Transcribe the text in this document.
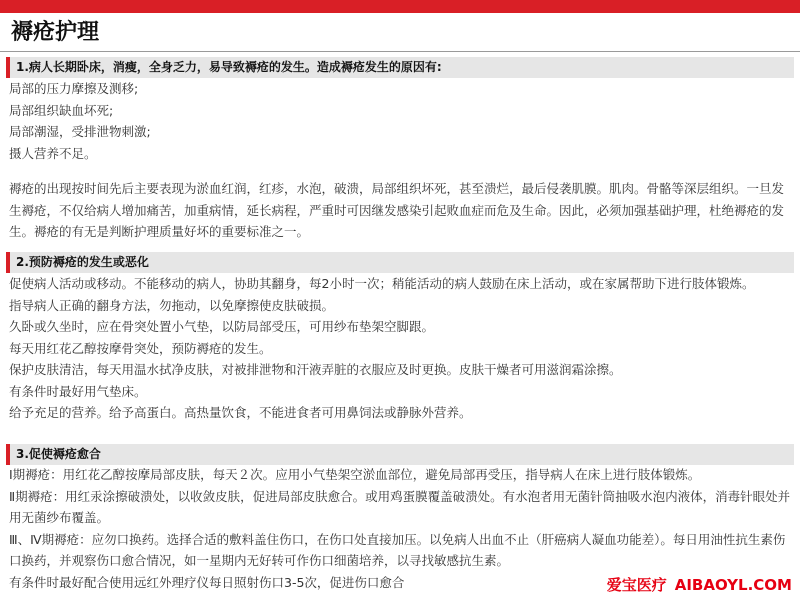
褥疮护理
1.病人长期卧床，消瘦，全身乏力，易导致褥疮的发生。造成褥疮发生的原因有:

局部的压力摩擦及测移;

局部组织缺血坏死;

局部潮湿，受排泄物刺激;

摄人营养不足。

褥疮的出现按时间先后主要表现为淤血红润，红疹，水泡，破溃，局部组织坏死，甚至溃烂，最后侵袭肌膜。肌肉。骨骼等深层组织。一旦发生褥疮，不仅给病人增加痛苦，加重病情，延长病程，严重时可因继发感染引起败血症而危及生命。因此，必须加强基础护理，杜绝褥疮的发生。褥疮的有无是判断护理质量好坏的重要标准之一。

2.预防褥疮的发生或恶化

促使病人活动或移动。不能移动的病人，协助其翻身，每2小时一次；稍能活动的病人鼓励在床上活动，或在家属帮助下进行肢体锻炼。

指导病人正确的翻身方法，勿拖动，以免摩擦使皮肤破损。

久卧或久坐时，应在骨突处置小气垫，以防局部受压，可用纱布垫架空脚跟。

每天用红花乙醇按摩骨突处，预防褥疮的发生。

保护皮肤清洁，每天用温水拭净皮肤，对被排泄物和汗液弄脏的衣服应及时更换。皮肤干燥者可用滋润霜涂擦。

有条件时最好用气垫床。

给予充足的营养。给予高蛋白。高热量饮食，不能进食者可用鼻饲法或静脉外营养。

3.促使褥疮愈合

Ⅰ期褥疮：用红花乙醇按摩局部皮肤，每天２次。应用小气垫架空淤血部位，避免局部再受压，指导病人在床上进行肢体锻炼。

Ⅱ期褥疮：用红汞涂擦破溃处，以收敛皮肤，促进局部皮肤愈合。或用鸡蛋膜覆盖破溃处。有水泡者用无菌针筒抽吸水泡内液体，消毒针眼处并用无菌纱布覆盖。

Ⅲ、Ⅳ期褥疮：应勿口换药。选择合适的敷料盖住伤口，在伤口处直接加压。以免病人出血不止（肝癌病人凝血功能差）。每日用油性抗生素伤口换药，并观察伤口愈合情况，如一星期内无好转可作伤口细菌培养，以寻找敏感抗生素。

有条件时最好配合使用远红外理疗仪每日照射伤口3-5次，促进伤口愈合	爱宝医疗 AIBAOYL.COM
